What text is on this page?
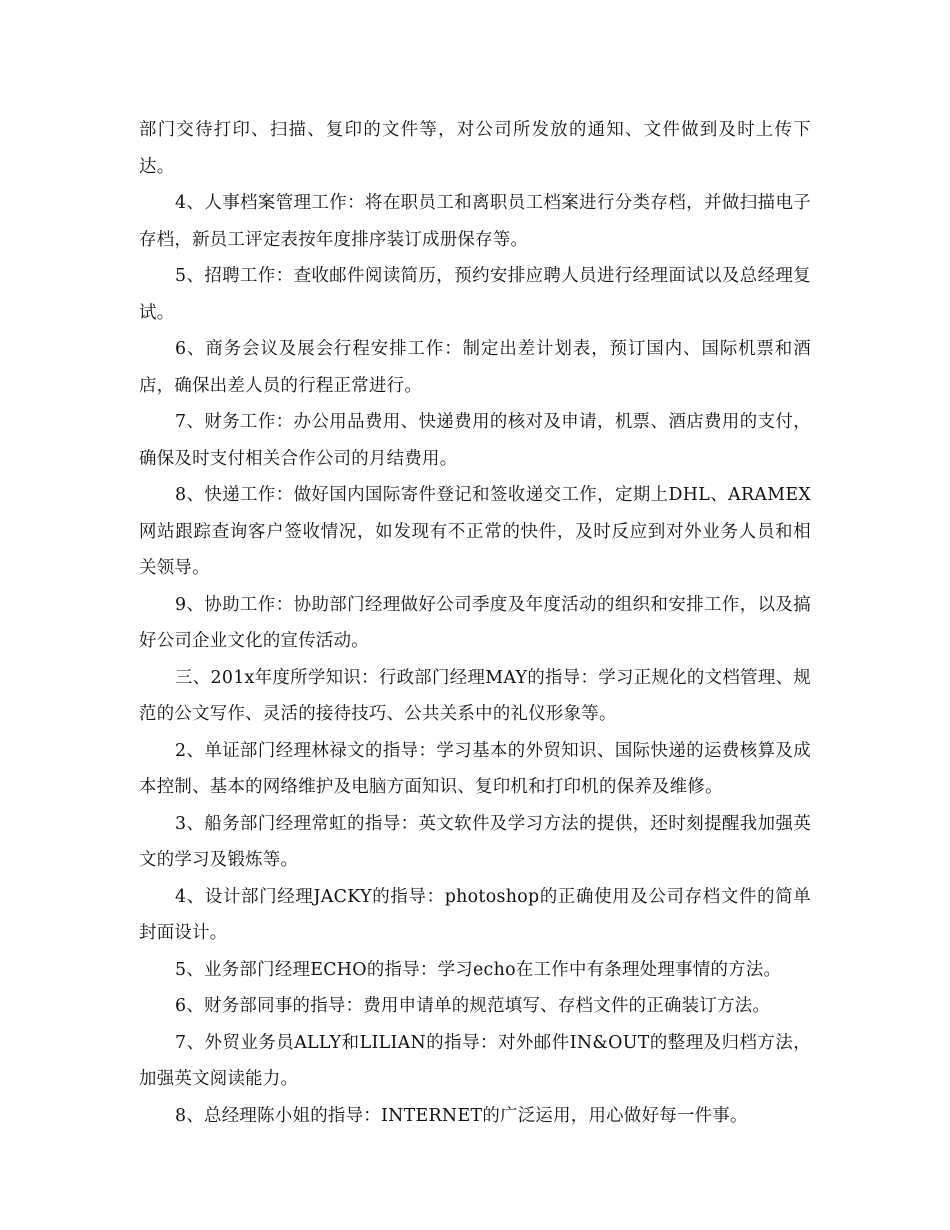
部门交待打印、扫描、复印的文件等，对公司所发放的通知、文件做到及时上传下达。

4、人事档案管理工作：将在职员工和离职员工档案进行分类存档，并做扫描电子存档，新员工评定表按年度排序装订成册保存等。

5、招聘工作：查收邮件阅读简历，预约安排应聘人员进行经理面试以及总经理复试。

6、商务会议及展会行程安排工作：制定出差计划表，预订国内、国际机票和酒店，确保出差人员的行程正常进行。

7、财务工作：办公用品费用、快递费用的核对及申请，机票、酒店费用的支付，确保及时支付相关合作公司的月结费用。

8、快递工作：做好国内国际寄件登记和签收递交工作，定期上DHL、ARAMEX网站跟踪查询客户签收情况，如发现有不正常的快件，及时反应到对外业务人员和相关领导。

9、协助工作：协助部门经理做好公司季度及年度活动的组织和安排工作，以及搞好公司企业文化的宣传活动。

三、201x年度所学知识：行政部门经理MAY的指导：学习正规化的文档管理、规范的公文写作、灵活的接待技巧、公共关系中的礼仪形象等。

2、单证部门经理林禄文的指导：学习基本的外贸知识、国际快递的运费核算及成本控制、基本的网络维护及电脑方面知识、复印机和打印机的保养及维修。

3、船务部门经理常虹的指导：英文软件及学习方法的提供，还时刻提醒我加强英文的学习及锻炼等。

4、设计部门经理JACKY的指导：photoshop的正确使用及公司存档文件的简单封面设计。

5、业务部门经理ECHO的指导：学习echo在工作中有条理处理事情的方法。

6、财务部同事的指导：费用申请单的规范填写、存档文件的正确装订方法。

7、外贸业务员ALLY和LILIAN的指导：对外邮件IN&OUT的整理及归档方法，加强英文阅读能力。

8、总经理陈小姐的指导：INTERNET的广泛运用，用心做好每一件事。
